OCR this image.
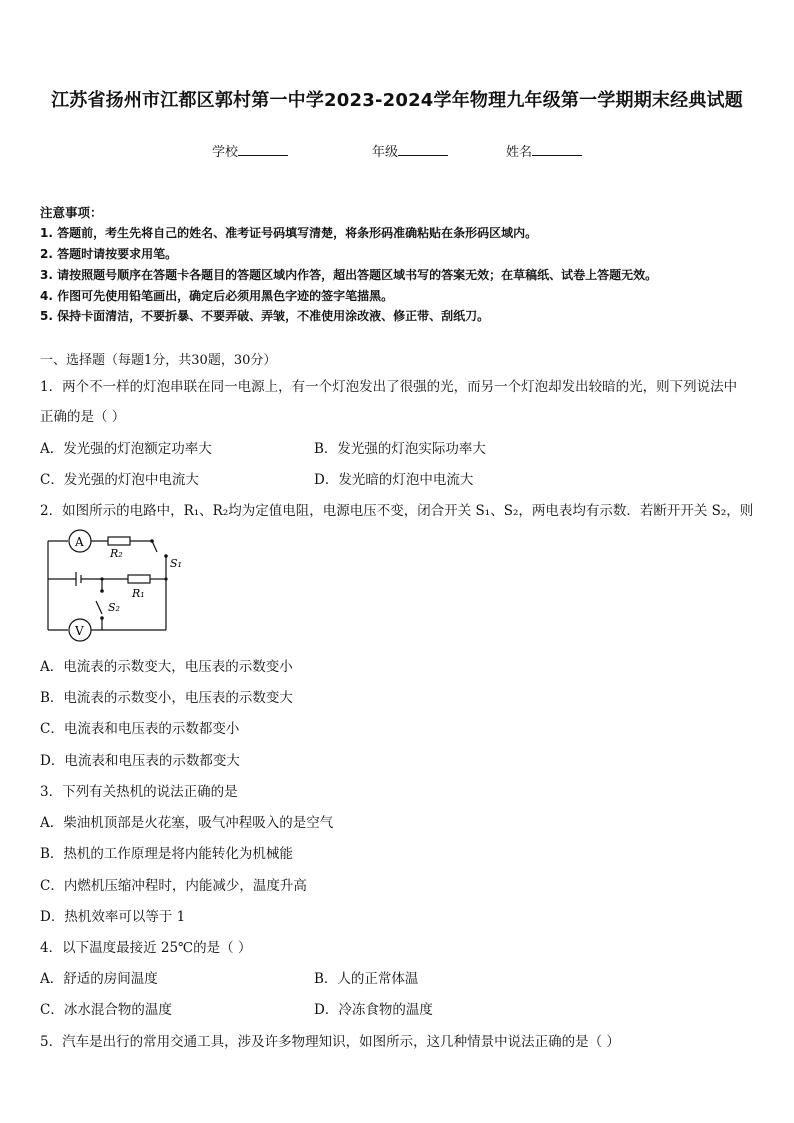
江苏省扬州市江都区郭村第一中学2023-2024学年物理九年级第一学期期末经典试题
学校	年级	姓名
注意事项：
1. 答题前，考生先将自己的姓名、准考证号码填写清楚，将条形码准确粘贴在条形码区域内。
2. 答题时请按要求用笔。
3. 请按照题号顺序在答题卡各题目的答题区域内作答，超出答题区域书写的答案无效；在草稿纸、试卷上答题无效。
4. 作图可先使用铅笔画出，确定后必须用黑色字迹的签字笔描黑。
5. 保持卡面清洁，不要折暴、不要弄破、弄皱，不准使用涂改液、修正带、刮纸刀。
一、选择题（每题1分，共30题，30分）
1．两个不一样的灯泡串联在同一电源上，有一个灯泡发出了很强的光，而另一个灯泡却发出较暗的光，则下列说法中
正确的是（ ）
A．发光强的灯泡额定功率大	B．发光强的灯泡实际功率大
C．发光强的灯泡中电流大	D．发光暗的灯泡中电流大
2．如图所示的电路中，R₁、R₂均为定值电阻，电源电压不变，闭合开关 S₁、S₂，两电表均有示数．若断开开关 S₂，则
A
V
R₂
R₁
S₁
S₂
A．电流表的示数变大，电压表的示数变小
B．电流表的示数变小，电压表的示数变大
C．电流表和电压表的示数都变小
D．电流表和电压表的示数都变大
3．下列有关热机的说法正确的是
A．柴油机顶部是火花塞，吸气冲程吸入的是空气
B．热机的工作原理是将内能转化为机械能
C．内燃机压缩冲程时，内能减少，温度升高
D．热机效率可以等于 1
4．以下温度最接近 25℃的是（ ）
A．舒适的房间温度	B．人的正常体温
C．冰水混合物的温度	D．冷冻食物的温度
5．汽车是出行的常用交通工具，涉及许多物理知识，如图所示，这几种情景中说法正确的是（ ）
